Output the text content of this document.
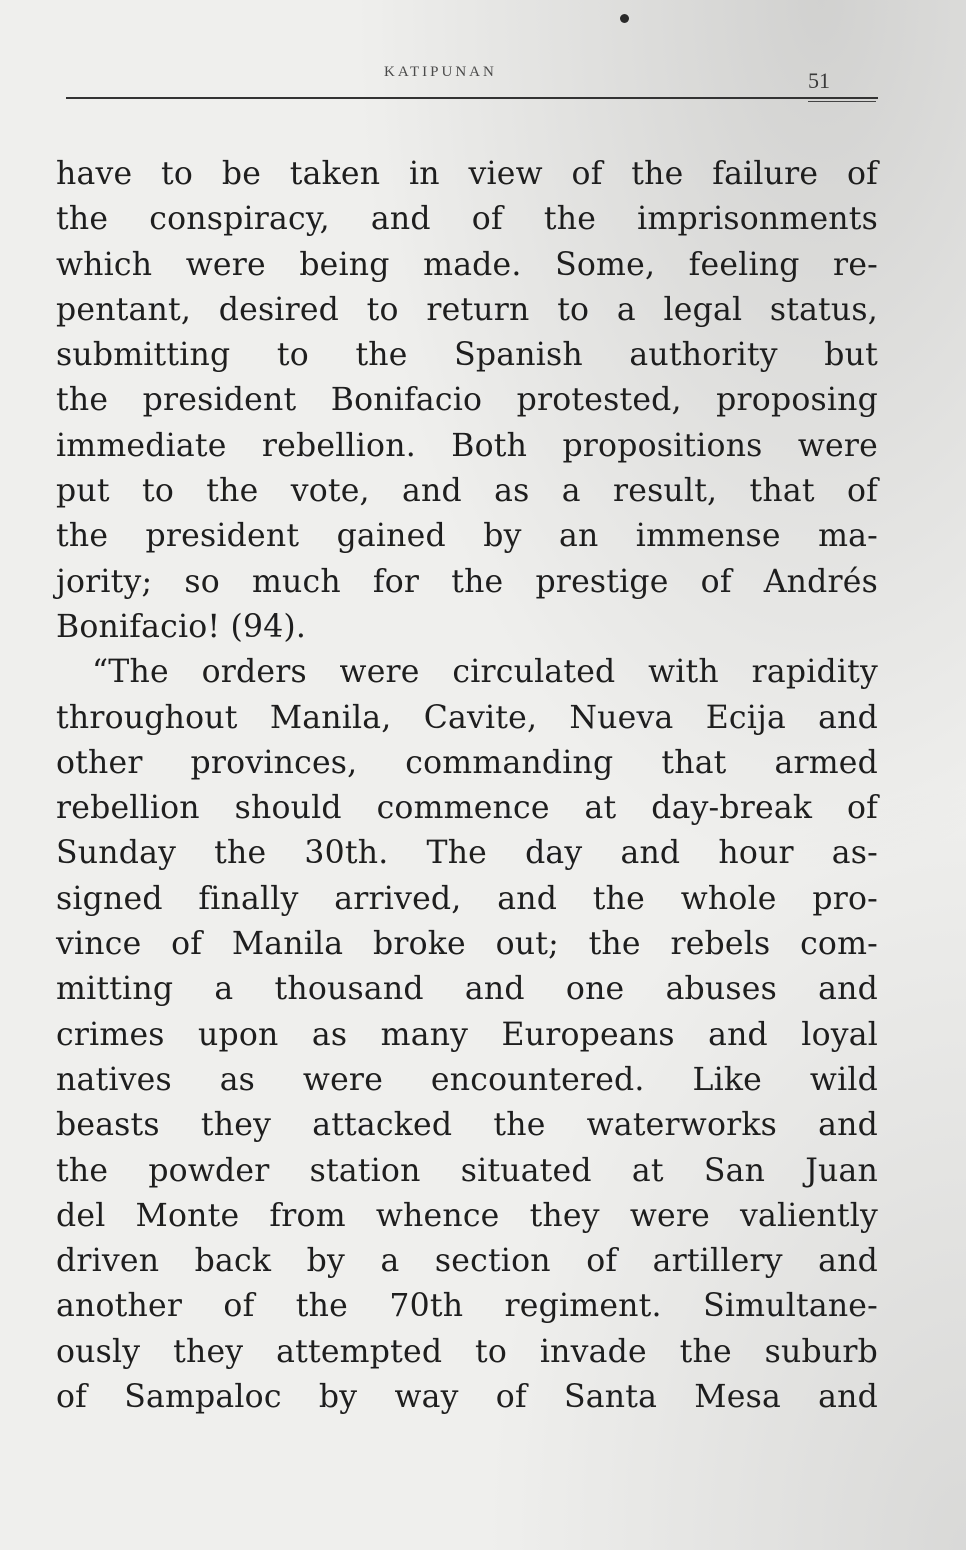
KATIPUNAN	51
have to be taken in view of the failure of
the conspiracy, and of the imprisonments
which were being made. Some, feeling re-
pentant, desired to return to a legal status,
submitting to the Spanish authority but
the president Bonifacio protested, proposing
immediate rebellion. Both propositions were
put to the vote, and as a result, that of
the president gained by an immense ma-
jority; so much for the prestige of Andrés
Bonifacio! (94).
“The orders were circulated with rapidity
throughout Manila, Cavite, Nueva Ecija and
other provinces, commanding that armed
rebellion should commence at day-break of
Sunday the 30th. The day and hour as-
signed finally arrived, and the whole pro-
vince of Manila broke out; the rebels com-
mitting a thousand and one abuses and
crimes upon as many Europeans and loyal
natives as were encountered. Like wild
beasts they attacked the waterworks and
the powder station situated at San Juan
del Monte from whence they were valiently
driven back by a section of artillery and
another of the 70th regiment. Simultane-
ously they attempted to invade the suburb
of Sampaloc by way of Santa Mesa and
